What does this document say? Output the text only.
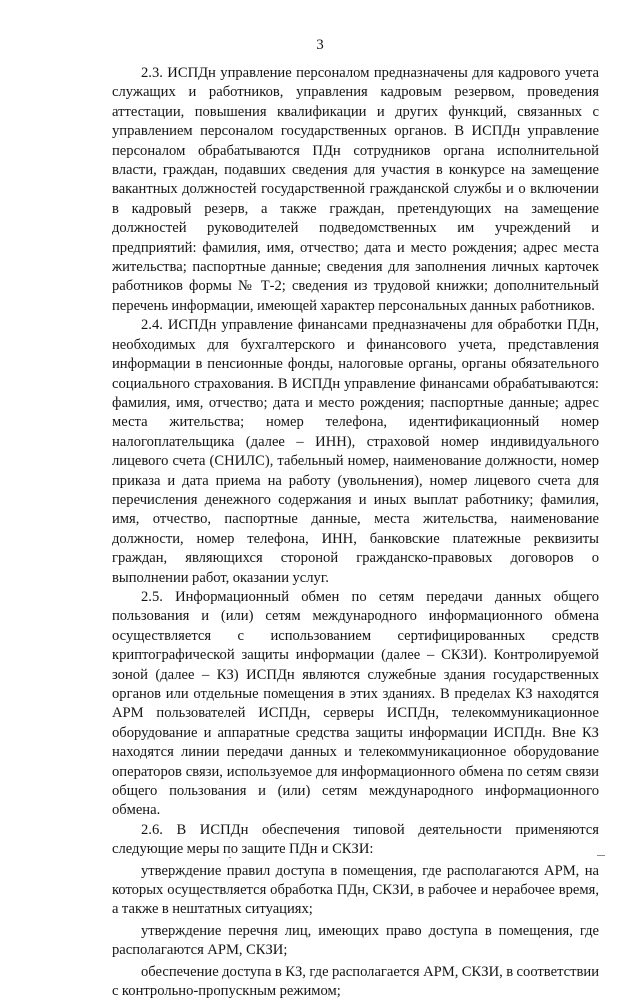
3

2.3. ИСПДн управление персоналом предназначены для кадрового учета служащих и работников, управления кадровым резервом, проведения аттестации, повышения квалификации и других функций, связанных с управлением персоналом государственных органов. В ИСПДн управление персоналом обрабатываются ПДн сотрудников органа исполнительной власти, граждан, подавших сведения для участия в конкурсе на замещение вакантных должностей государственной гражданской службы и о включении в кадровый резерв, а также граждан, претендующих на замещение должностей руководителей подведомственных им учреждений и предприятий: фамилия, имя, отчество; дата и место рождения; адрес места жительства; паспортные данные; сведения для заполнения личных карточек работников формы № Т-2; сведения из трудовой книжки; дополнительный перечень информации, имеющей характер персональных данных работников.

2.4. ИСПДн управление финансами предназначены для обработки ПДн, необходимых для бухгалтерского и финансового учета, представления информации в пенсионные фонды, налоговые органы, органы обязательного социального страхования. В ИСПДн управление финансами обрабатываются: фамилия, имя, отчество; дата и место рождения; паспортные данные; адрес места жительства; номер телефона, идентификационный номер налогоплательщика (далее – ИНН), страховой номер индивидуального лицевого счета (СНИЛС), табельный номер, наименование должности, номер приказа и дата приема на работу (увольнения), номер лицевого счета для перечисления денежного содержания и иных выплат работнику; фамилия, имя, отчество, паспортные данные, места жительства, наименование должности, номер телефона, ИНН, банковские платежные реквизиты граждан, являющихся стороной гражданско-правовых договоров о выполнении работ, оказании услуг.

2.5. Информационный обмен по сетям передачи данных общего пользования и (или) сетям международного информационного обмена осуществляется с использованием сертифицированных средств криптографической защиты информации (далее – СКЗИ). Контролируемой зоной (далее – КЗ) ИСПДн являются служебные здания государственных органов или отдельные помещения в этих зданиях. В пределах КЗ находятся АРМ пользователей ИСПДн, серверы ИСПДн, телекоммуникационное оборудование и аппаратные средства защиты информации ИСПДн. Вне КЗ находятся линии передачи данных и телекоммуникационное оборудование операторов связи, используемое для информационного обмена по сетям связи общего пользования и (или) сетям международного информационного обмена.

2.6. В ИСПДн обеспечения типовой деятельности применяются следующие меры по защите ПДн и СКЗИ:

утверждение правил доступа в помещения, где располагаются АРМ, на которых осуществляется обработка ПДн, СКЗИ, в рабочее и нерабочее время, а также в нештатных ситуациях;

утверждение перечня лиц, имеющих право доступа в помещения, где располагаются АРМ, СКЗИ;

обеспечение доступа в КЗ, где располагается АРМ, СКЗИ, в соответствии с контрольно-пропускным режимом;
